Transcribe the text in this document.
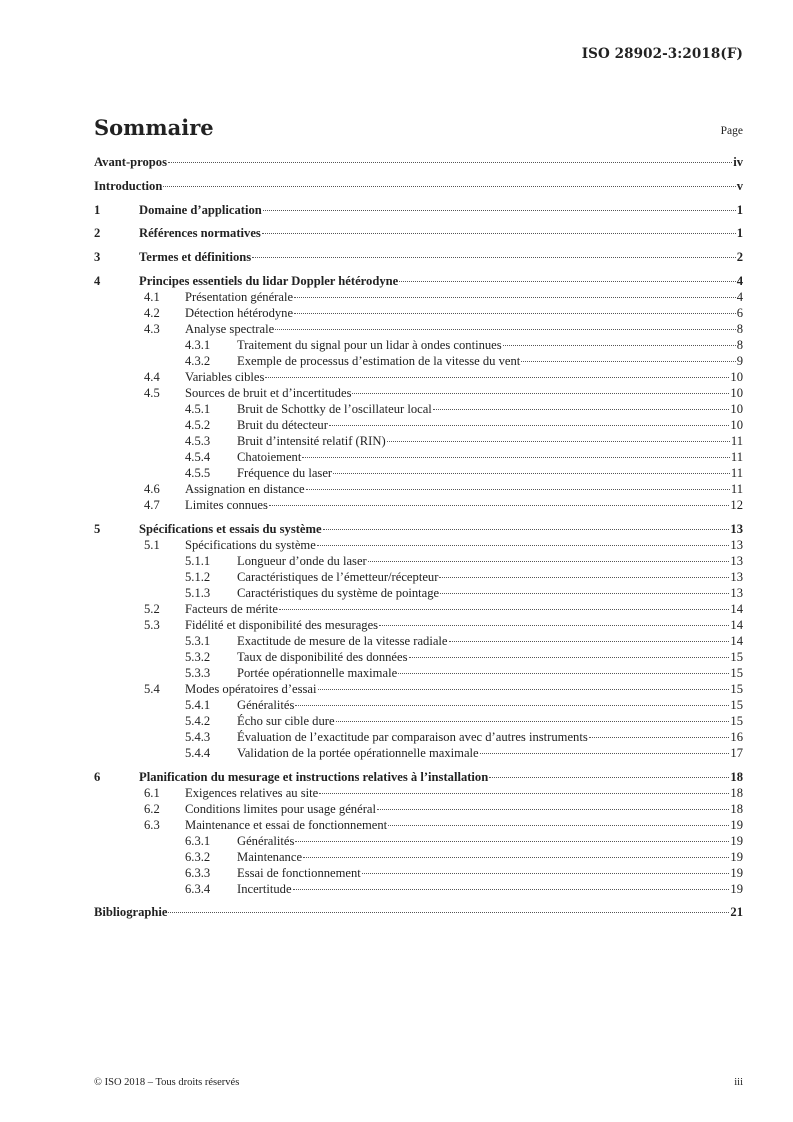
ISO 28902-3:2018(F)
Sommaire	Page
Avant-propos	iv
Introduction	v
1	Domaine d’application	1
2	Références normatives	1
3	Termes et définitions	2
4	Principes essentiels du lidar Doppler hétérodyne	4
4.1 Présentation générale	4
4.2 Détection hétérodyne	6
4.3 Analyse spectrale	8
4.3.1 Traitement du signal pour un lidar à ondes continues	8
4.3.2 Exemple de processus d’estimation de la vitesse du vent	9
4.4 Variables cibles	10
4.5 Sources de bruit et d’incertitudes	10
4.5.1 Bruit de Schottky de l’oscillateur local	10
4.5.2 Bruit du détecteur	10
4.5.3 Bruit d’intensité relatif (RIN)	11
4.5.4 Chatoiement	11
4.5.5 Fréquence du laser	11
4.6 Assignation en distance	11
4.7 Limites connues	12
5	Spécifications et essais du système	13
5.1 Spécifications du système	13
5.1.1 Longueur d’onde du laser	13
5.1.2 Caractéristiques de l’émetteur/récepteur	13
5.1.3 Caractéristiques du système de pointage	13
5.2 Facteurs de mérite	14
5.3 Fidélité et disponibilité des mesurages	14
5.3.1 Exactitude de mesure de la vitesse radiale	14
5.3.2 Taux de disponibilité des données	15
5.3.3 Portée opérationnelle maximale	15
5.4 Modes opératoires d’essai	15
5.4.1 Généralités	15
5.4.2 Écho sur cible dure	15
5.4.3 Évaluation de l’exactitude par comparaison avec d’autres instruments	16
5.4.4 Validation de la portée opérationnelle maximale	17
6	Planification du mesurage et instructions relatives à l’installation	18
6.1 Exigences relatives au site	18
6.2 Conditions limites pour usage général	18
6.3 Maintenance et essai de fonctionnement	19
6.3.1 Généralités	19
6.3.2 Maintenance	19
6.3.3 Essai de fonctionnement	19
6.3.4 Incertitude	19
Bibliographie	21
© ISO 2018 – Tous droits réservés	iii
